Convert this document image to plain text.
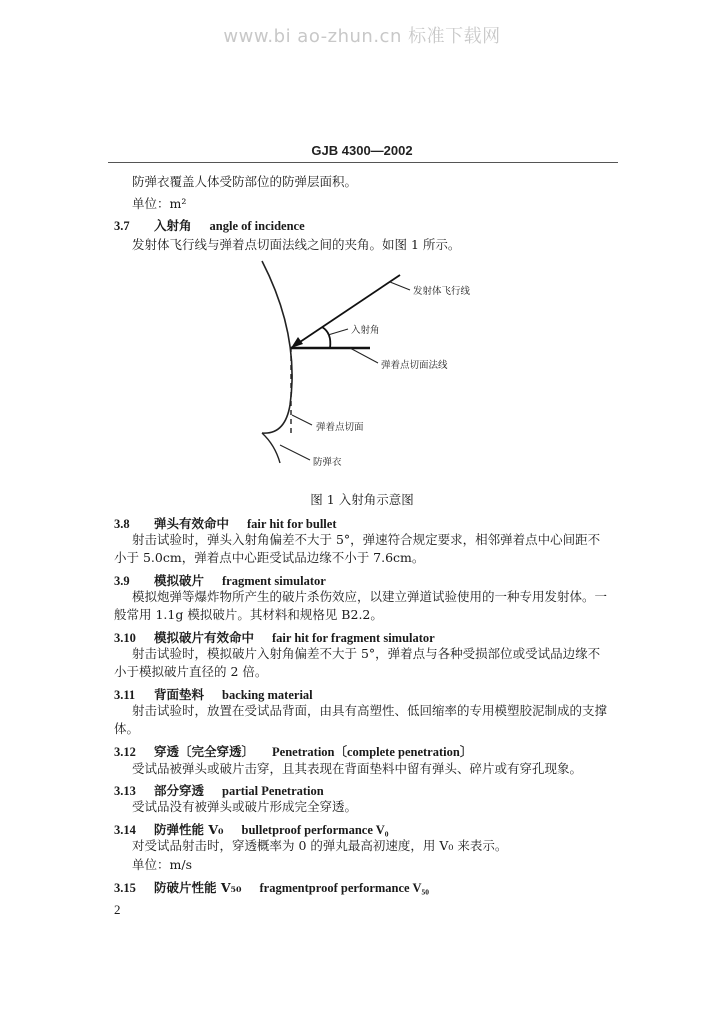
www.bi ao-zhun.cn 标准下载网
GJB 4300—2002
防弹衣覆盖人体受防部位的防弹层面积。
单位：m²
3.7 入射角 angle of incidence
发射体飞行线与弹着点切面法线之间的夹角。如图 1 所示。
发射体飞行线
入射角
弹着点切面法线
弹着点切面
防弹衣
图 1 入射角示意图
3.8 弹头有效命中 fair hit for bullet
射击试验时，弹头入射角偏差不大于 5°，弹速符合规定要求，相邻弹着点中心间距不
小于 5.0cm，弹着点中心距受试品边缘不小于 7.6cm。
3.9 模拟破片 fragment simulator
模拟炮弹等爆炸物所产生的破片杀伤效应，以建立弹道试验使用的一种专用发射体。一
般常用 1.1g 模拟破片。其材料和规格见 B2.2。
3.10 模拟破片有效命中 fair hit for fragment simulator
射击试验时，模拟破片入射角偏差不大于 5°，弹着点与各种受损部位或受试品边缘不
小于模拟破片直径的 2 倍。
3.11 背面垫料 backing material
射击试验时，放置在受试品背面，由具有高塑性、低回缩率的专用模塑胶泥制成的支撑
体。
3.12 穿透〔完全穿透〕 Penetration〔complete penetration〕
受试品被弹头或破片击穿，且其表现在背面垫料中留有弹头、碎片或有穿孔现象。
3.13 部分穿透 partial Penetration
受试品没有被弹头或破片形成完全穿透。
3.14 防弹性能 V₀ bulletproof performance V₀
对受试品射击时，穿透概率为 0 的弹丸最高初速度，用 V₀ 来表示。
单位：m/s
3.15 防破片性能 V₅₀ fragmentproof performance V₅₀
2
